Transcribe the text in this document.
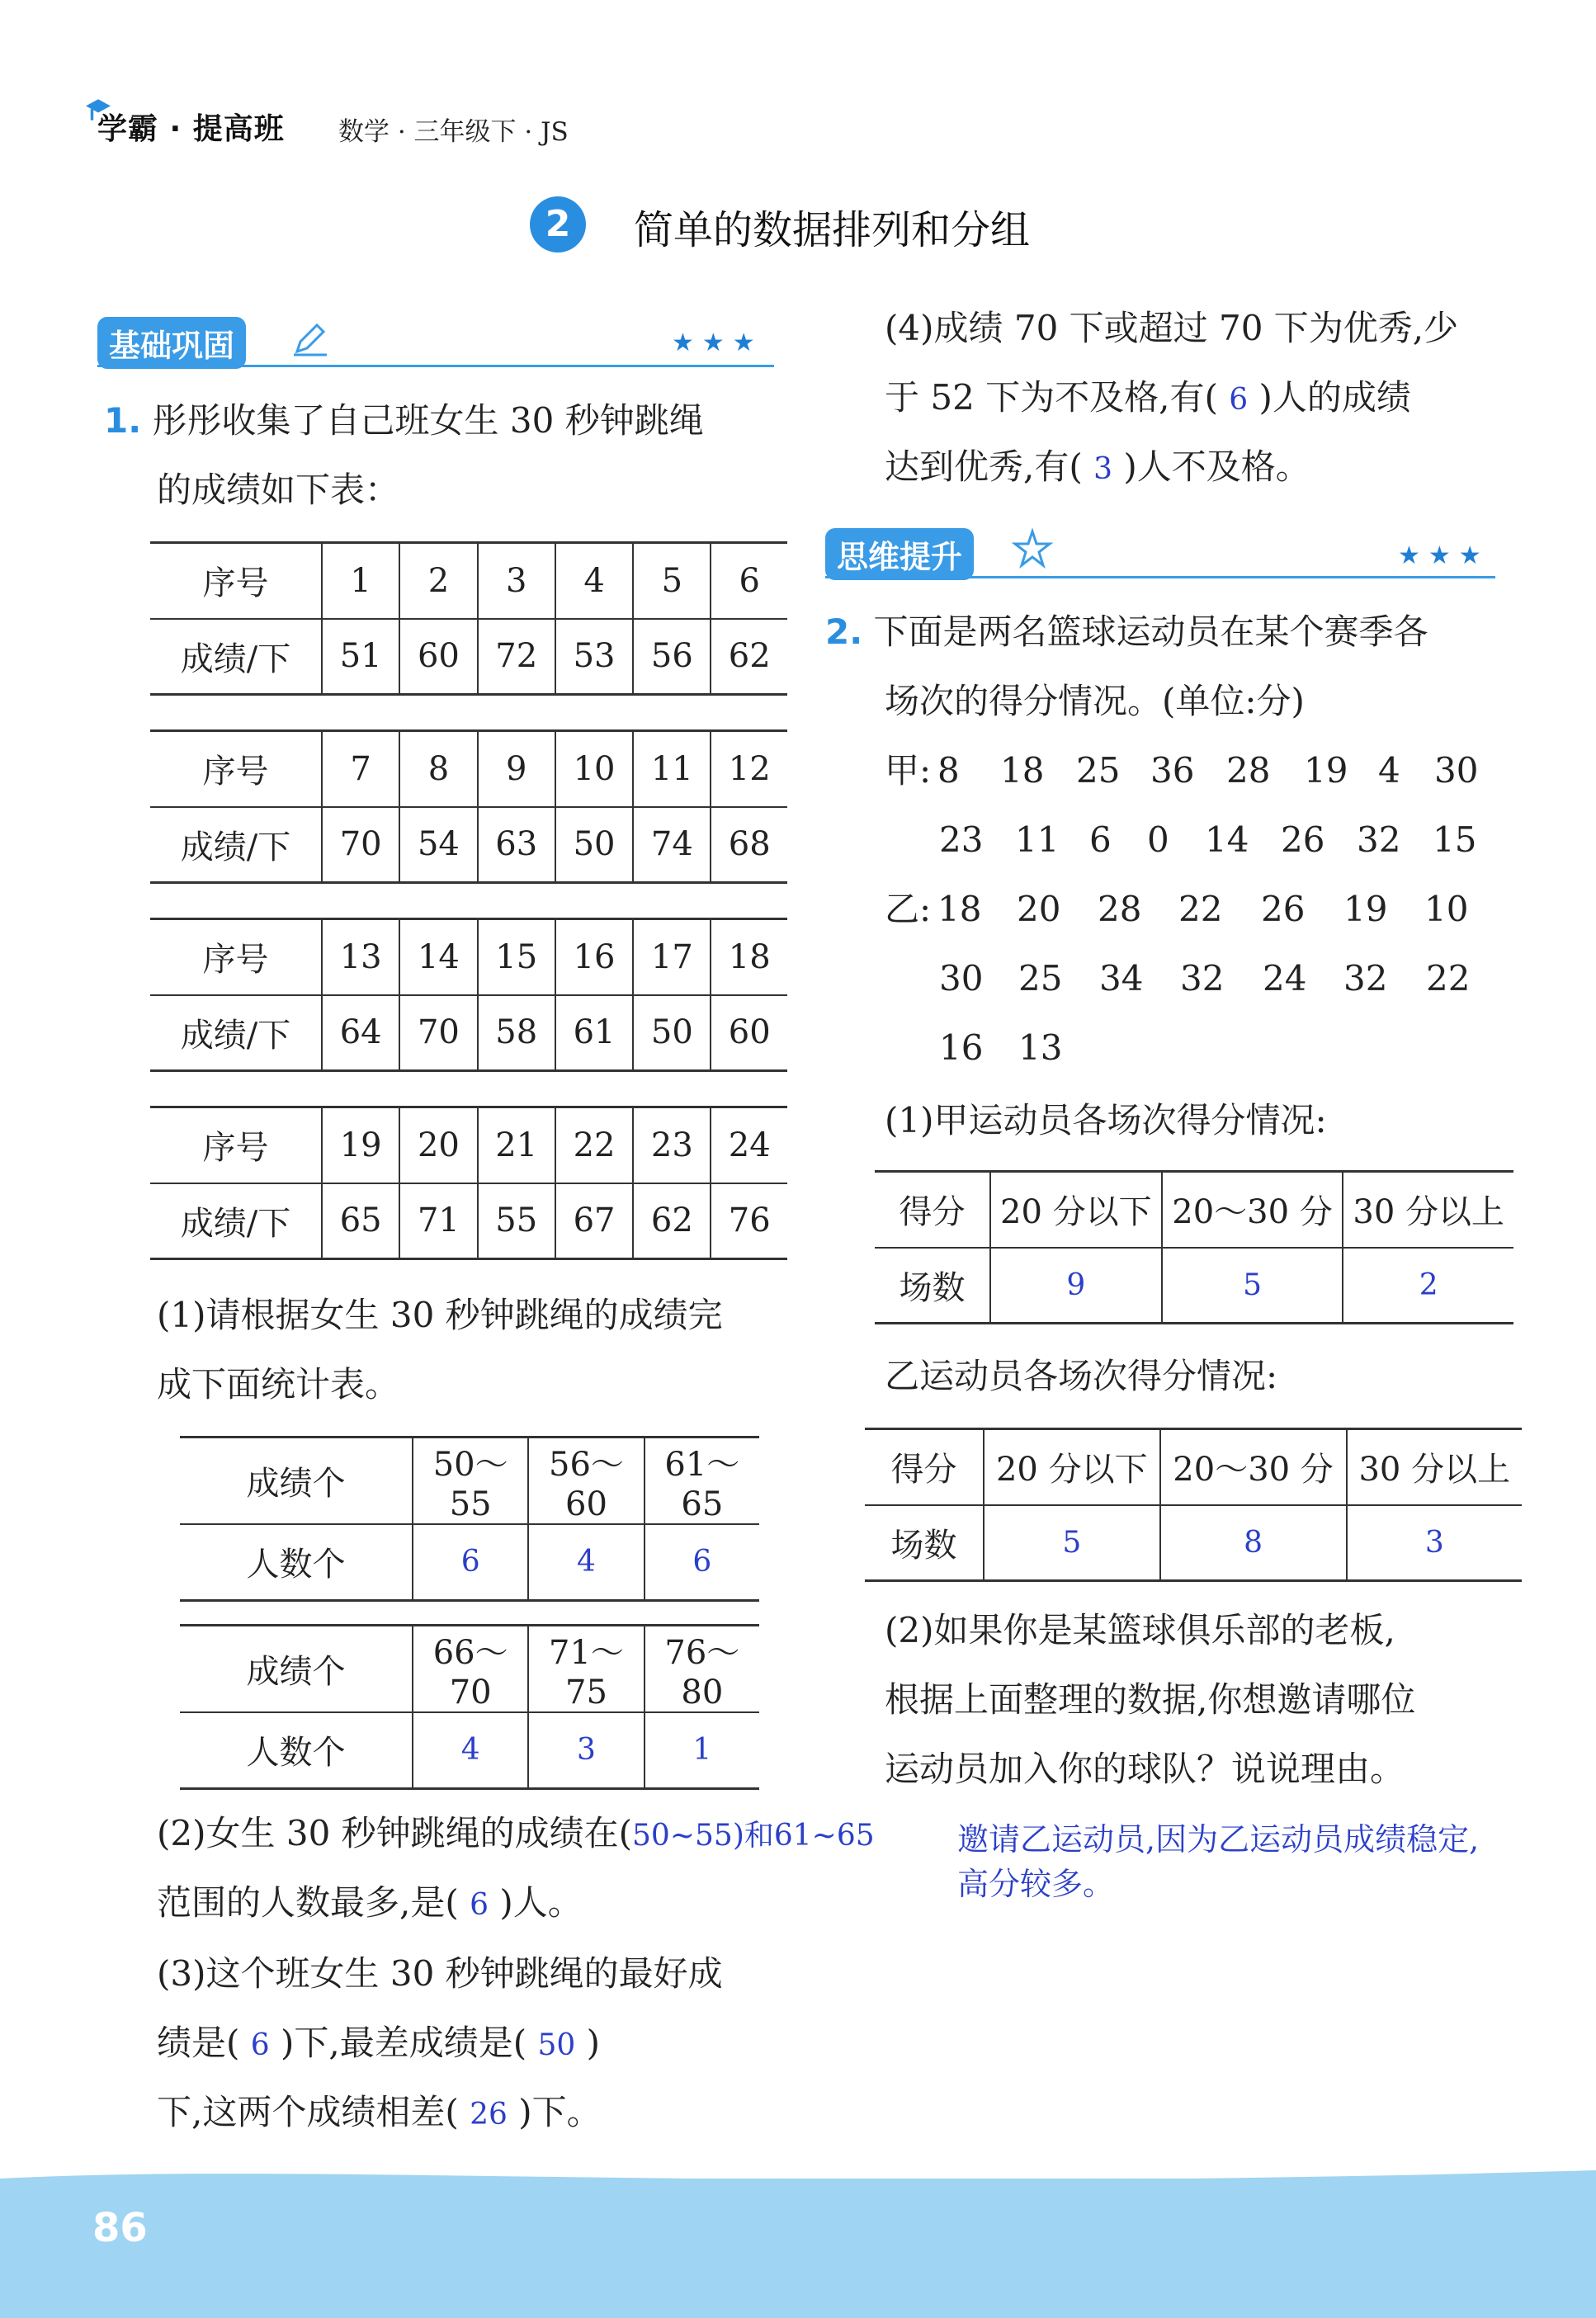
学霸 · 提高班 数学 · 三年级下 · JS
2	简单的数据排列和分组
基础巩固	★★★
1. 彤彤收集了自己班女生 30 秒钟跳绳
的成绩如下表：
序号	1	2	3	4	5	6
成绩/下	51	60	72	53	56	62
序号	7	8	9	10	11	12
成绩/下	70	54	63	50	74	68
序号	13	14	15	16	17	18
成绩/下	64	70	58	61	50	60
序号	19	20	21	22	23	24
成绩/下	65	71	55	67	62	76
(1)请根据女生 30 秒钟跳绳的成绩完
成下面统计表。
成绩个	50～55	56～60	61～65
人数个	6	4	6
成绩个	66～70	71～75	76～80
人数个	4	3	1
(2)女生 30 秒钟跳绳的成绩在(50~55)和61~65
范围的人数最多,是( 6 )人。
(3)这个班女生 30 秒钟跳绳的最好成
绩是( 6 )下,最差成绩是( 50 )
下,这两个成绩相差( 26 )下。
(4)成绩 70 下或超过 70 下为优秀,少
于 52 下为不及格,有( 6 )人的成绩
达到优秀,有( 3 )人不及格。
思维提升	★★★
2. 下面是两名篮球运动员在某个赛季各
场次的得分情况。(单位:分)
甲: 8 18 25 36 28 19 4 30
23 11 6 0 14 26 32 15
乙: 18 20 28 22 26 19 10
30 25 34 32 24 32 22
16 13
(1)甲运动员各场次得分情况:
得分	20 分以下	20～30 分	30 分以上
场数	9	5	2
乙运动员各场次得分情况:
得分	20 分以下	20～30 分	30 分以上
场数	5	8	3
(2)如果你是某篮球俱乐部的老板,
根据上面整理的数据,你想邀请哪位
运动员加入你的球队？说说理由。
邀请乙运动员,因为乙运动员成绩稳定,
高分较多。
86
